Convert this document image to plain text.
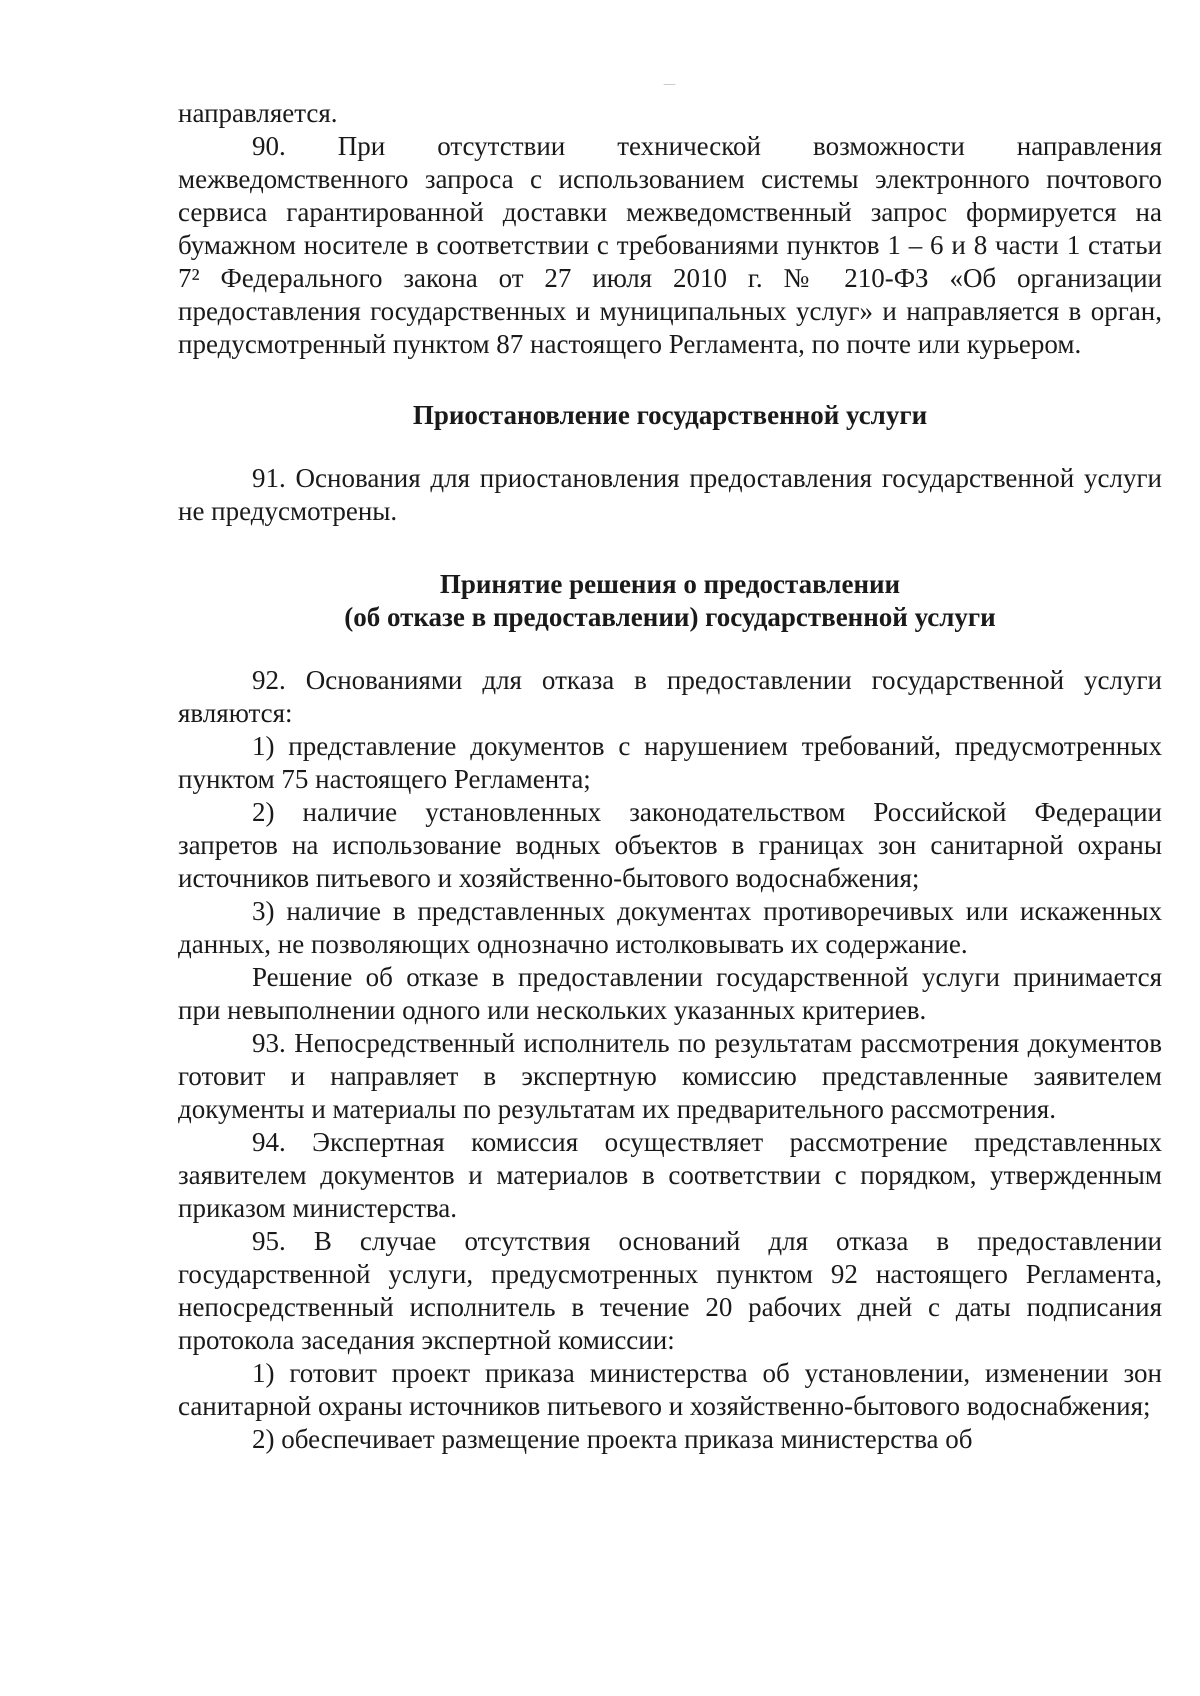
—

направляется.

90. При отсутствии технической возможности направления межведомственного запроса с использованием системы электронного почтового сервиса гарантированной доставки межведомственный запрос формируется на бумажном носителе в соответствии с требованиями пунктов 1 – 6 и 8 части 1 статьи 7² Федерального закона от 27 июля 2010 г. № 210-ФЗ «Об организации предоставления государственных и муниципальных услуг» и направляется в орган, предусмотренный пунктом 87 настоящего Регламента, по почте или курьером.

Приостановление государственной услуги

91. Основания для приостановления предоставления государственной услуги не предусмотрены.

Принятие решения о предоставлении
(об отказе в предоставлении) государственной услуги

92. Основаниями для отказа в предоставлении государственной услуги являются:

1) представление документов с нарушением требований, предусмотренных пунктом 75 настоящего Регламента;

2) наличие установленных законодательством Российской Федерации запретов на использование водных объектов в границах зон санитарной охраны источников питьевого и хозяйственно-бытового водоснабжения;

3) наличие в представленных документах противоречивых или искаженных данных, не позволяющих однозначно истолковывать их содержание.

Решение об отказе в предоставлении государственной услуги принимается при невыполнении одного или нескольких указанных критериев.

93. Непосредственный исполнитель по результатам рассмотрения документов готовит и направляет в экспертную комиссию представленные заявителем документы и материалы по результатам их предварительного рассмотрения.

94. Экспертная комиссия осуществляет рассмотрение представленных заявителем документов и материалов в соответствии с порядком, утвержденным приказом министерства.

95. В случае отсутствия оснований для отказа в предоставлении государственной услуги, предусмотренных пунктом 92 настоящего Регламента, непосредственный исполнитель в течение 20 рабочих дней с даты подписания протокола заседания экспертной комиссии:

1) готовит проект приказа министерства об установлении, изменении зон санитарной охраны источников питьевого и хозяйственно-бытового водоснабжения;

2) обеспечивает размещение проекта приказа министерства об
